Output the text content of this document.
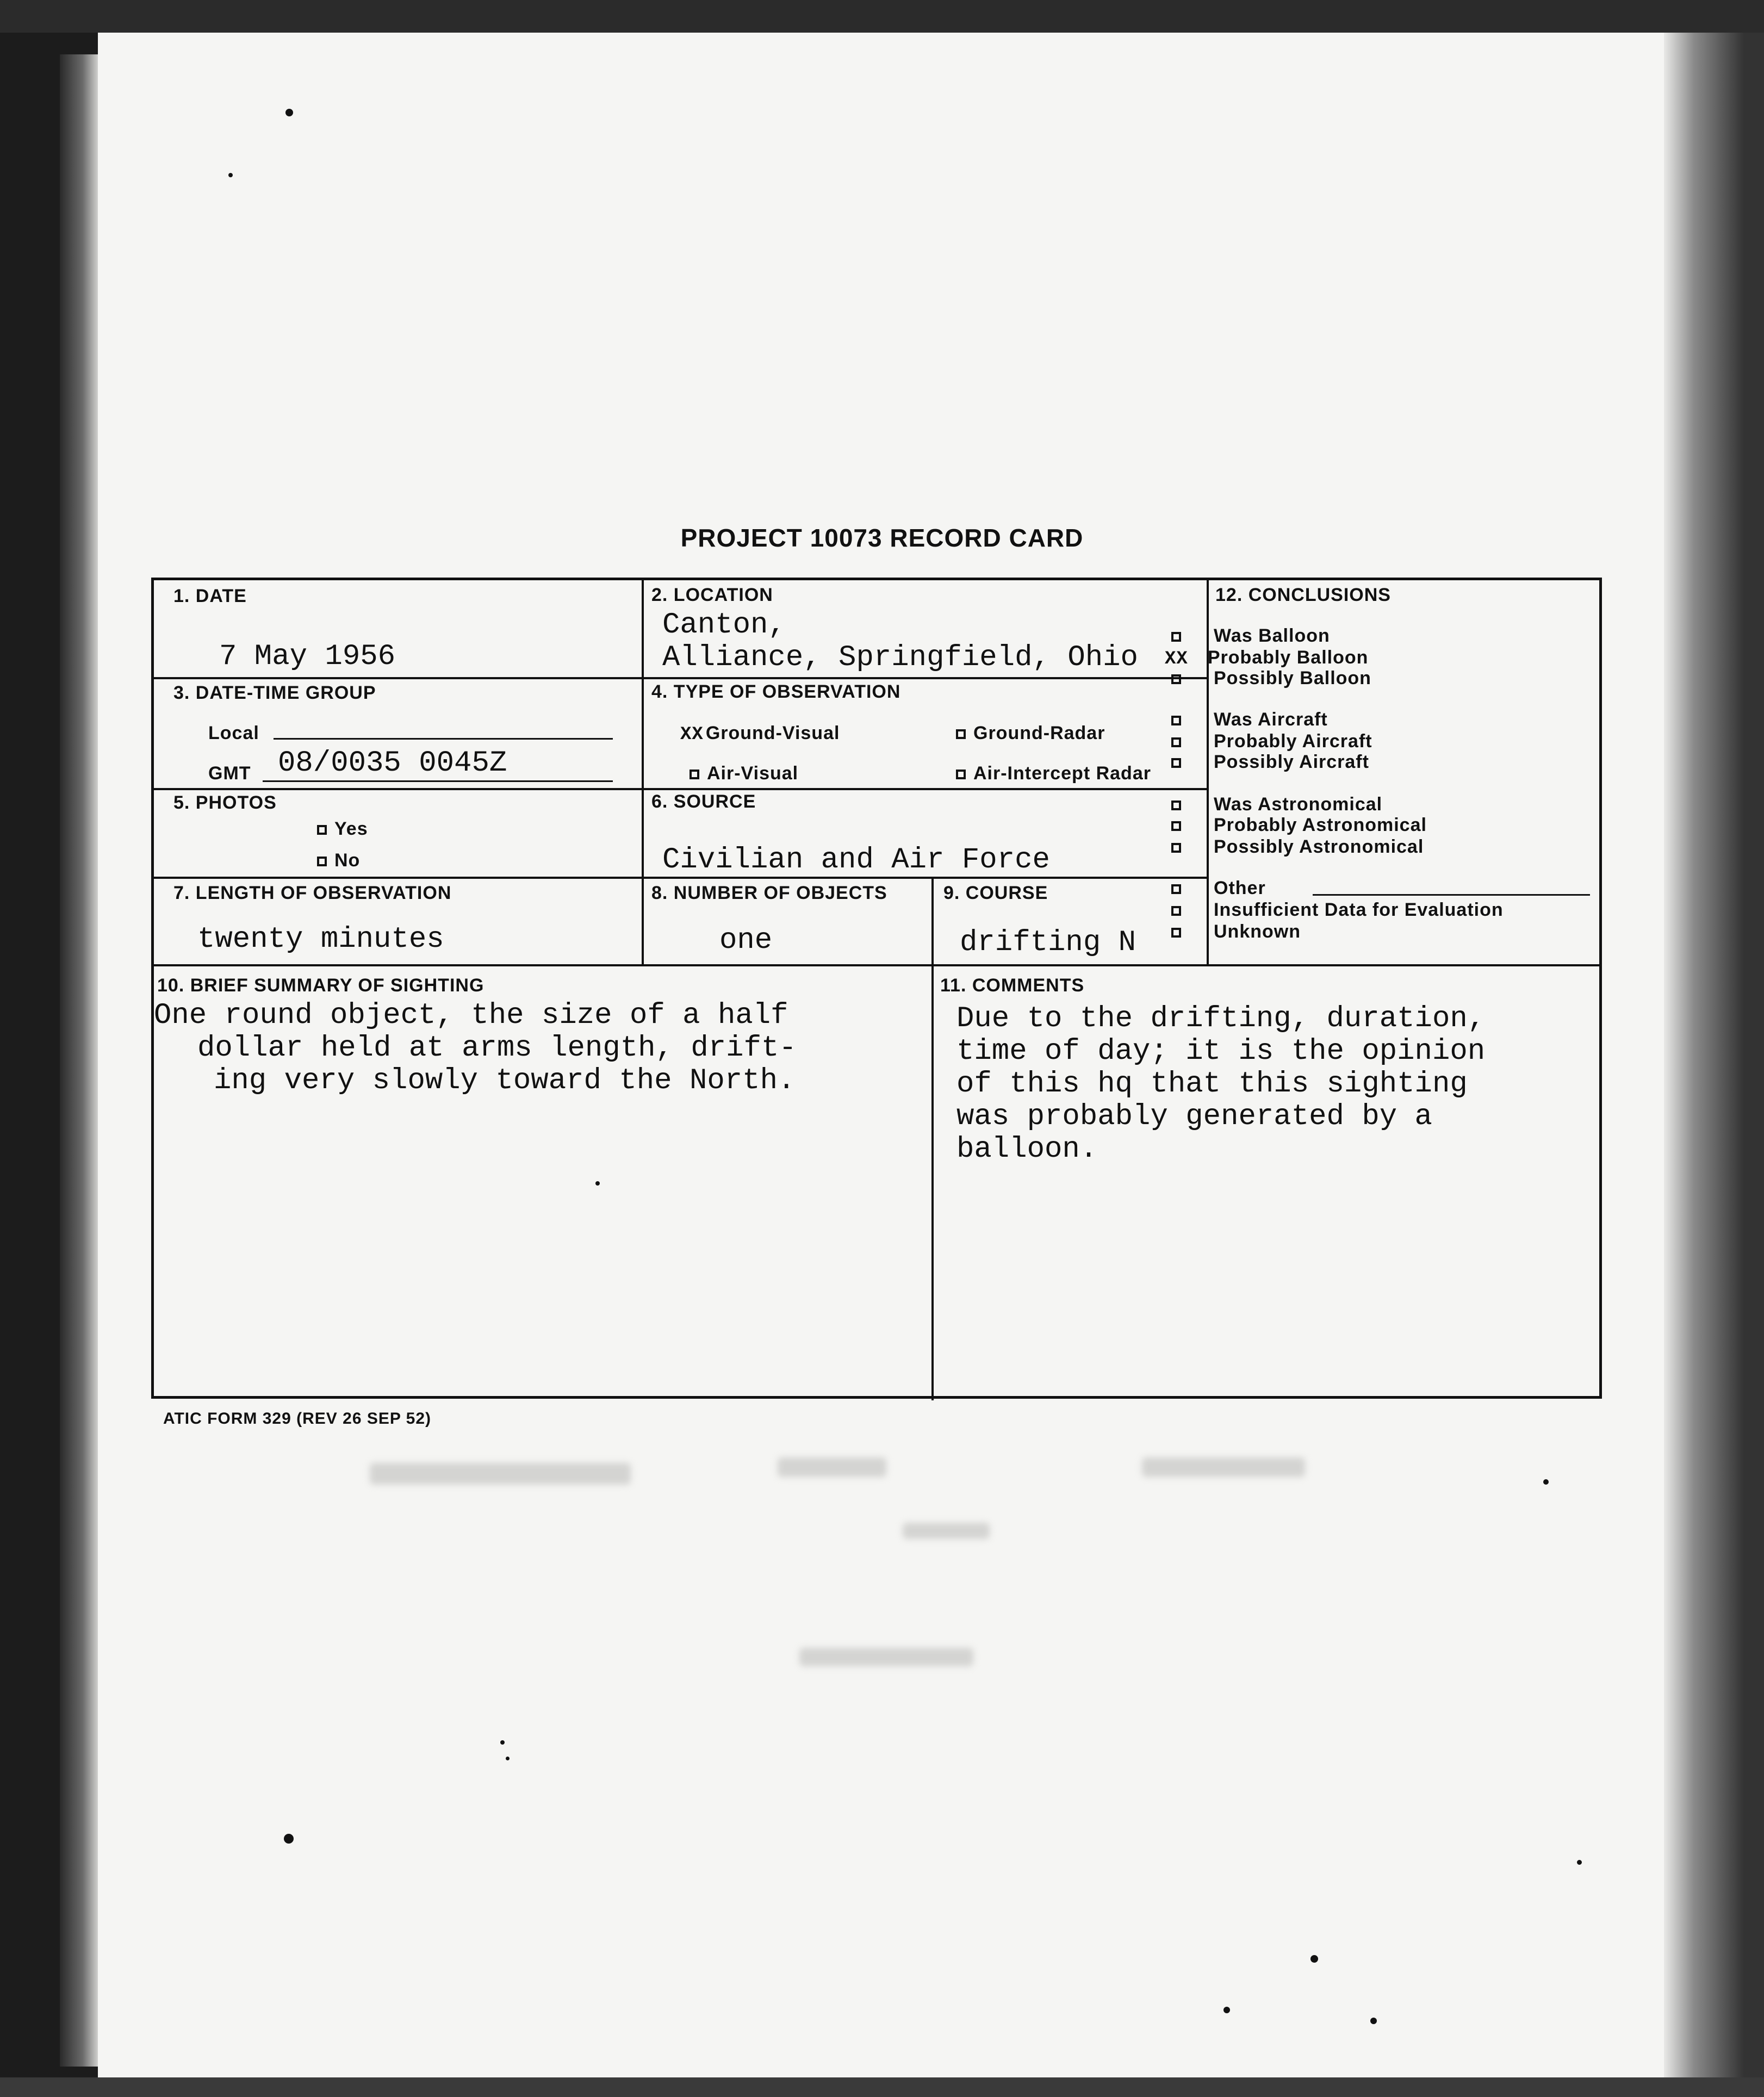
PROJECT 10073 RECORD CARD
1. DATE
7 May 1956
2. LOCATION
Canton,
Alliance, Springfield, Ohio
3. DATE-TIME GROUP
Local
GMT 08/0035 0045Z
4. TYPE OF OBSERVATION
XX Ground-Visual	Ground-Radar
Air-Visual	Air-Intercept Radar
5. PHOTOS
Yes
No
6. SOURCE
Civilian and Air Force
7. LENGTH OF OBSERVATION
twenty minutes
8. NUMBER OF OBJECTS
one
9. COURSE
drifting N
10. BRIEF SUMMARY OF SIGHTING
One round object, the size of a half
dollar held at arms length, drift-
ing very slowly toward the North.
11. COMMENTS
Due to the drifting, duration,
time of day; it is the opinion
of this hq that this sighting
was probably generated by a
balloon.
12. CONCLUSIONS
Was Balloon
XX Probably Balloon
Possibly Balloon
Was Aircraft
Probably Aircraft
Possibly Aircraft
Was Astronomical
Probably Astronomical
Possibly Astronomical
Other
Insufficient Data for Evaluation
Unknown
ATIC FORM 329 (REV 26 SEP 52)
